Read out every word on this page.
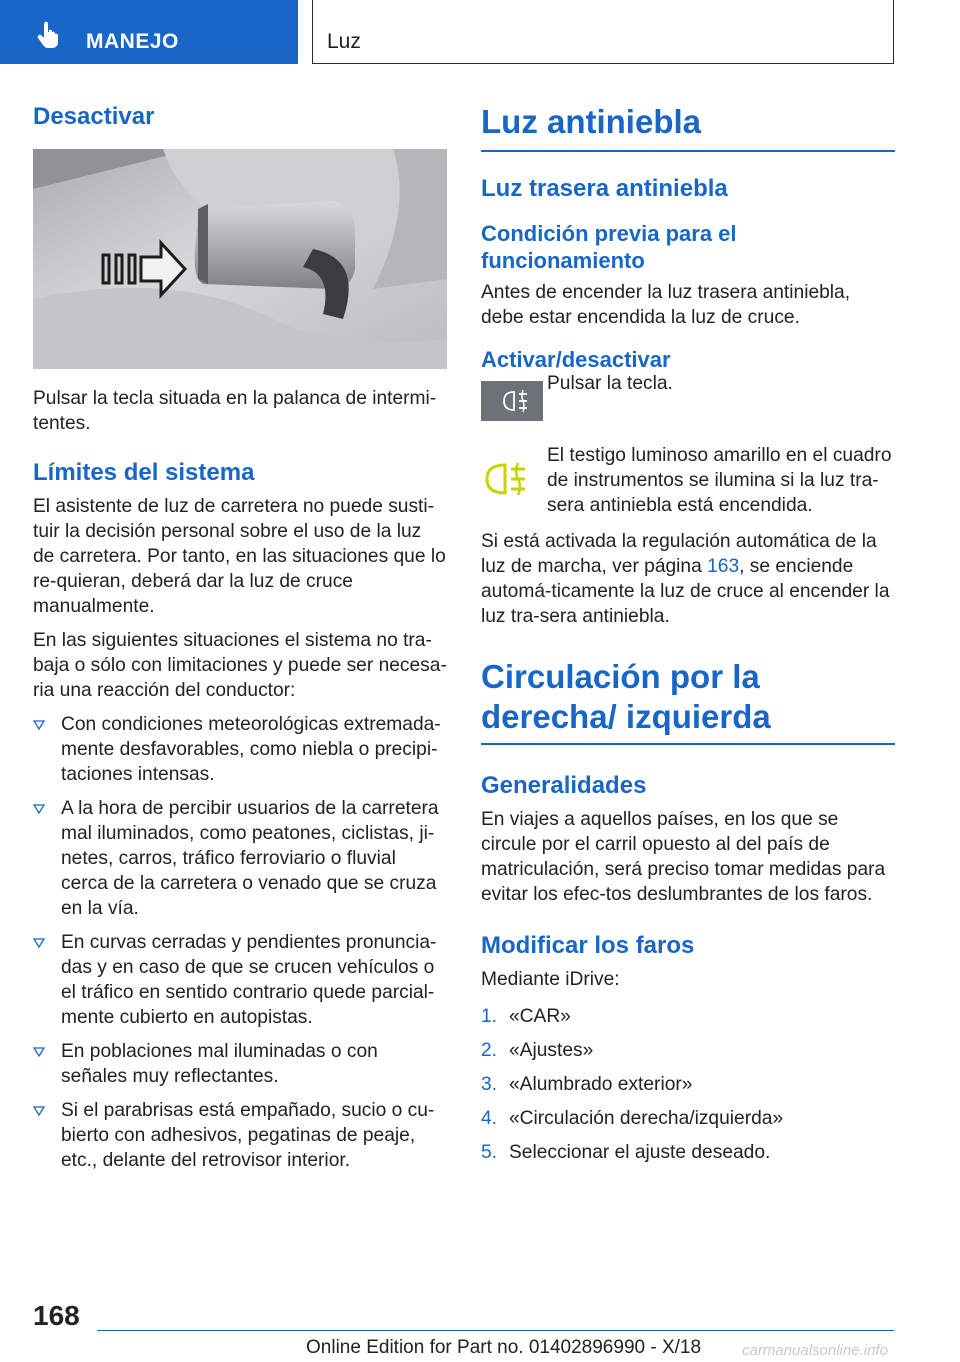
MANEJO	Luz
Desactivar

Pulsar la tecla situada en la palanca de intermi-tentes.

Límites del sistema

El asistente de luz de carretera no puede susti-tuir la decisión personal sobre el uso de la luz de carretera. Por tanto, en las situaciones que lo re-quieran, deberá dar la luz de cruce manualmente.

En las siguientes situaciones el sistema no tra-baja o sólo con limitaciones y puede ser necesa-ria una reacción del conductor:

Con condiciones meteorológicas extremada-mente desfavorables, como niebla o precipi-taciones intensas.
A la hora de percibir usuarios de la carretera mal iluminados, como peatones, ciclistas, ji-netes, carros, tráfico ferroviario o fluvial cerca de la carretera o venado que se cruza en la vía.
En curvas cerradas y pendientes pronuncia-das y en caso de que se crucen vehículos o el tráfico en sentido contrario quede parcial-mente cubierto en autopistas.
En poblaciones mal iluminadas o con señales muy reflectantes.
Si el parabrisas está empañado, sucio o cu-bierto con adhesivos, pegatinas de peaje, etc., delante del retrovisor interior.
Luz antiniebla
Luz trasera antiniebla
Condición previa para el funcionamiento

Antes de encender la luz trasera antiniebla, debe estar encendida la luz de cruce.

Activar/desactivar

Pulsar la tecla.

El testigo luminoso amarillo en el cuadro de instrumentos se ilumina si la luz tra-sera antiniebla está encendida.

Si está activada la regulación automática de la luz de marcha, ver página 163, se enciende automá-ticamente la luz de cruce al encender la luz tra-sera antiniebla.

Circulación por la derecha/ izquierda
Generalidades

En viajes a aquellos países, en los que se circule por el carril opuesto al del país de matriculación, será preciso tomar medidas para evitar los efec-tos deslumbrantes de los faros.

Modificar los faros

Mediante iDrive:

1. «CAR»
2. «Ajustes»
3. «Alumbrado exterior»
4. «Circulación derecha/izquierda»
5. Seleccionar el ajuste deseado.
168
Online Edition for Part no. 01402896990 - X/18	carmanualsonline.info
